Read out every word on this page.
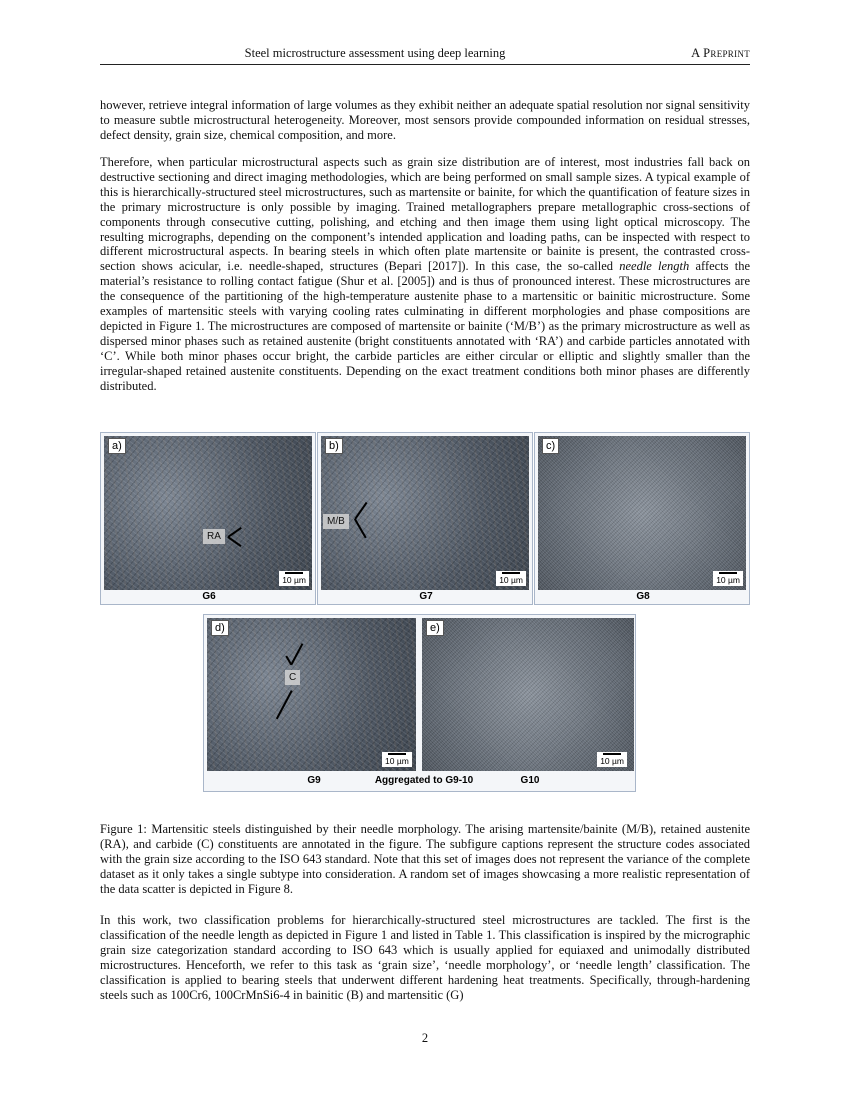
Steel microstructure assessment using deep learning	A Preprint

however, retrieve integral information of large volumes as they exhibit neither an adequate spatial resolution nor signal sensitivity to measure subtle microstructural heterogeneity. Moreover, most sensors provide compounded information on residual stresses, defect density, grain size, chemical composition, and more.

Therefore, when particular microstructural aspects such as grain size distribution are of interest, most industries fall back on destructive sectioning and direct imaging methodologies, which are being performed on small sample sizes. A typical example of this is hierarchically-structured steel microstructures, such as martensite or bainite, for which the quantification of feature sizes in the primary microstructure is only possible by imaging. Trained metallographers prepare metallographic cross-sections of components through consecutive cutting, polishing, and etching and then image them using light optical microscopy. The resulting micrographs, depending on the component’s intended application and loading paths, can be inspected with respect to different microstructural aspects. In bearing steels in which often plate martensite or bainite is present, the contrasted cross-section shows acicular, i.e. needle-shaped, structures (Bepari [2017]). In this case, the so-called needle length affects the material’s resistance to rolling contact fatigue (Shur et al. [2005]) and is thus of pronounced interest. These microstructures are the consequence of the partitioning of the high-temperature austenite phase to a martensitic or bainitic microstructure. Some examples of martensitic steels with varying cooling rates culminating in different morphologies and phase compositions are depicted in Figure 1. The microstructures are composed of martensite or bainite (‘M/B’) as the primary microstructure as well as dispersed minor phases such as retained austenite (bright constituents annotated with ‘RA’) and carbide particles annotated with ‘C’. While both minor phases occur bright, the carbide particles are either circular or elliptic and slightly smaller than the irregular-shaped retained austenite constituents. Depending on the exact treatment conditions both minor phases are differently distributed.

RA
a)
10 µm
G6
M/B
b)
10 µm
G7
c)
10 µm
G8
C
d)
10 µm
e)
10 µm
G9	Aggregated to G9-10	G10

Figure 1: Martensitic steels distinguished by their needle morphology. The arising martensite/bainite (M/B), retained austenite (RA), and carbide (C) constituents are annotated in the figure. The subfigure captions represent the structure codes associated with the grain size according to the ISO 643 standard. Note that this set of images does not represent the variance of the complete dataset as it only takes a single subtype into consideration. A random set of images showcasing a more realistic representation of the data scatter is depicted in Figure 8.

In this work, two classification problems for hierarchically-structured steel microstructures are tackled. The first is the classification of the needle length as depicted in Figure 1 and listed in Table 1. This classification is inspired by the micrographic grain size categorization standard according to ISO 643 which is usually applied for equiaxed and unimodally distributed microstructures. Henceforth, we refer to this task as ‘grain size’, ‘needle morphology’, or ‘needle length’ classification. The classification is applied to bearing steels that underwent different hardening heat treatments. Specifically, through-hardening steels such as 100Cr6, 100CrMnSi6-4 in bainitic (B) and martensitic (G)

2
